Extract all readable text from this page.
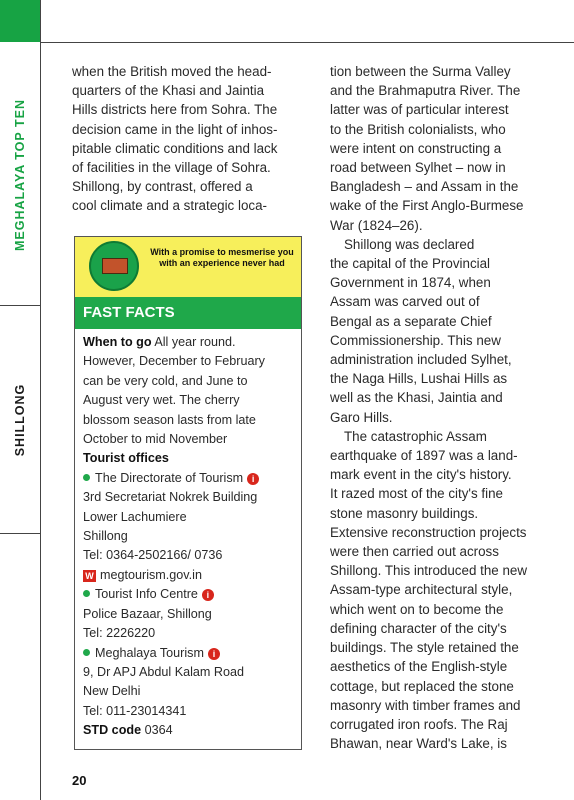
MEGHALAYA TOP TEN
SHILLONG

when the British moved the head-

quarters of the Khasi and Jaintia

Hills districts here from Sohra. The

decision came in the light of inhos-

pitable climatic conditions and lack

of facilities in the village of Sohra.

Shillong, by contrast, offered a

cool climate and a strategic loca-

With a promise to mesmerise you with an experience never had
FAST FACTS

When to go All year round.

However, December to February

can be very cold, and June to

August very wet. The cherry

blossom season lasts from late

October to mid November

Tourist offices

The Directorate of Tourism i

3rd Secretariat Nokrek Building

Lower Lachumiere

Shillong

Tel: 0364-2502166/ 0736

W megtourism.gov.in

Tourist Info Centre i

Police Bazaar, Shillong

Tel: 2226220

Meghalaya Tourism i

9, Dr APJ Abdul Kalam Road

New Delhi

Tel: 011-23014341

STD code 0364

tion between the Surma Valley

and the Brahmaputra River. The

latter was of particular interest

to the British colonialists, who

were intent on constructing a

road between Sylhet – now in

Bangladesh – and Assam in the

wake of the First Anglo-Burmese

War (1824–26).

Shillong was declared

the capital of the Provincial

Government in 1874, when

Assam was carved out of

Bengal as a separate Chief

Commissionership. This new

administration included Sylhet,

the Naga Hills, Lushai Hills as

well as the Khasi, Jaintia and

Garo Hills.

The catastrophic Assam

earthquake of 1897 was a land-

mark event in the city's history.

It razed most of the city's fine

stone masonry buildings.

Extensive reconstruction projects

were then carried out across

Shillong. This introduced the new

Assam-type architectural style,

which went on to become the

defining character of the city's

buildings. The style retained the

aesthetics of the English-style

cottage, but replaced the stone

masonry with timber frames and

corrugated iron roofs. The Raj

Bhawan, near Ward's Lake, is

20
